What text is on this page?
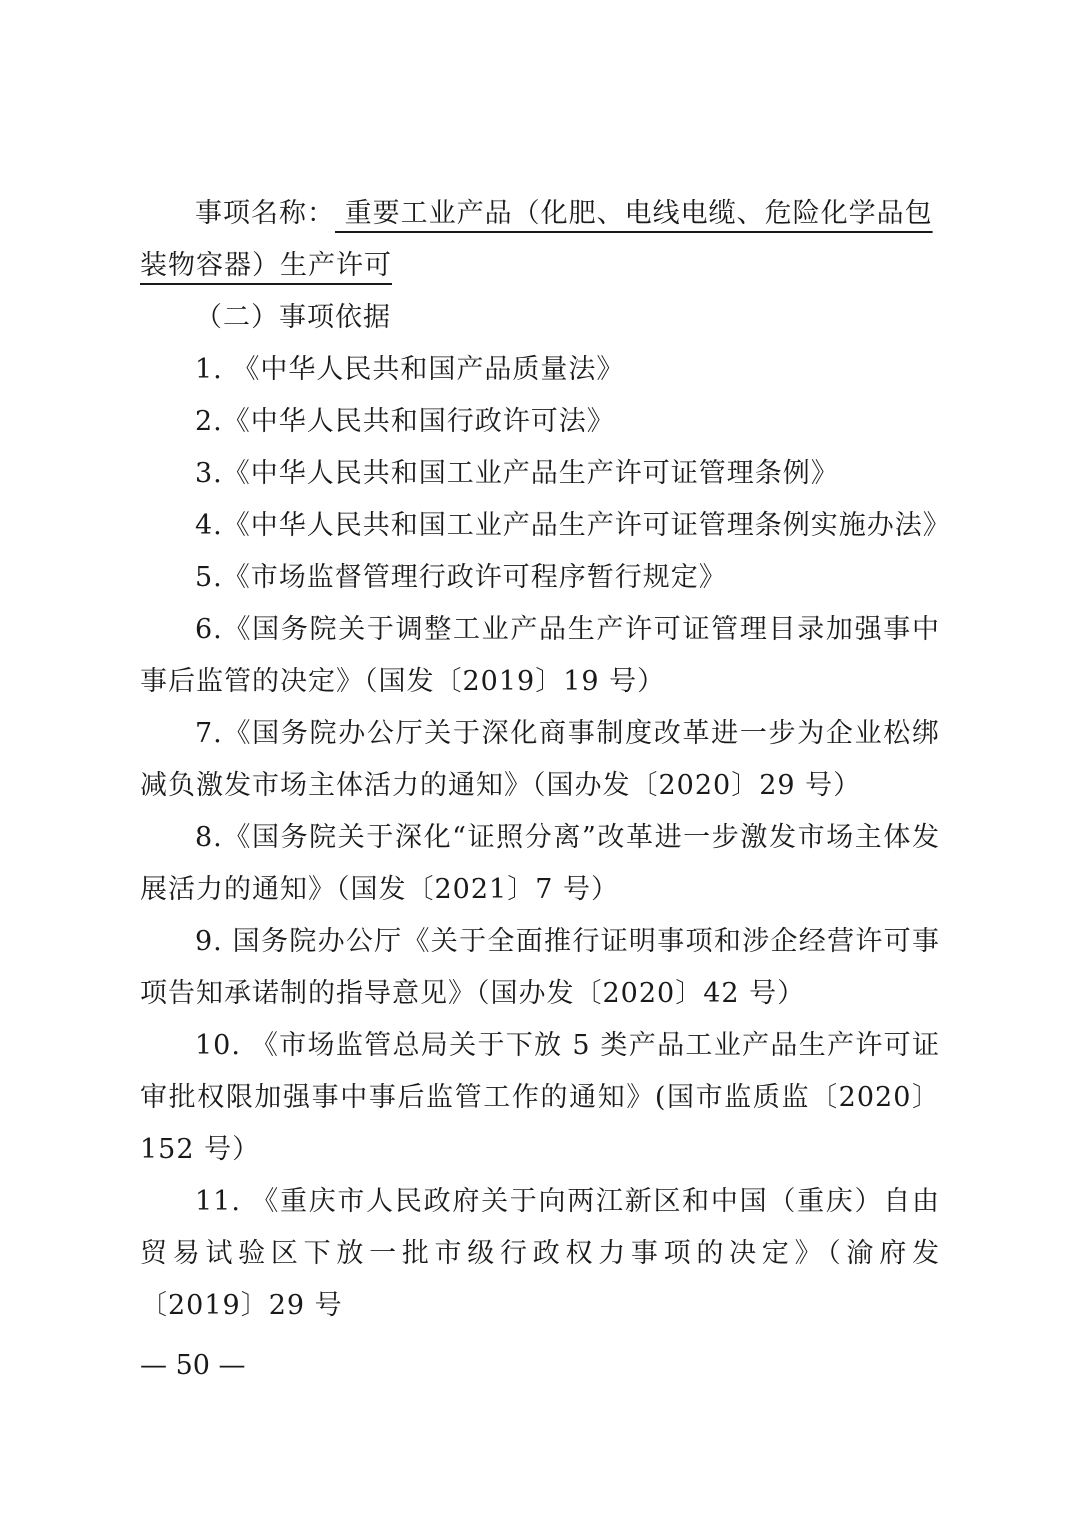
事项名称： 重要工业产品（化肥、电线电缆、危险化学品包装物容器）生产许可

（二）事项依据

1. 《中华人民共和国产品质量法》

2.《中华人民共和国行政许可法》

3.《中华人民共和国工业产品生产许可证管理条例》

4.《中华人民共和国工业产品生产许可证管理条例实施办法》

5.《市场监督管理行政许可程序暂行规定》

6.《国务院关于调整工业产品生产许可证管理目录加强事中事后监管的决定》（国发〔2019〕19 号）

7.《国务院办公厅关于深化商事制度改革进一步为企业松绑减负激发市场主体活力的通知》（国办发〔2020〕29 号）

8.《国务院关于深化“证照分离”改革进一步激发市场主体发展活力的通知》（国发〔2021〕7 号）

9. 国务院办公厅《关于全面推行证明事项和涉企经营许可事项告知承诺制的指导意见》（国办发〔2020〕42 号）

10. 《市场监管总局关于下放 5 类产品工业产品生产许可证审批权限加强事中事后监管工作的通知》(国市监质监〔2020〕152 号）

11. 《重庆市人民政府关于向两江新区和中国（重庆）自由贸易试验区下放一批市级行政权力事项的决定》（渝府发〔2019〕29 号

— 50 —
